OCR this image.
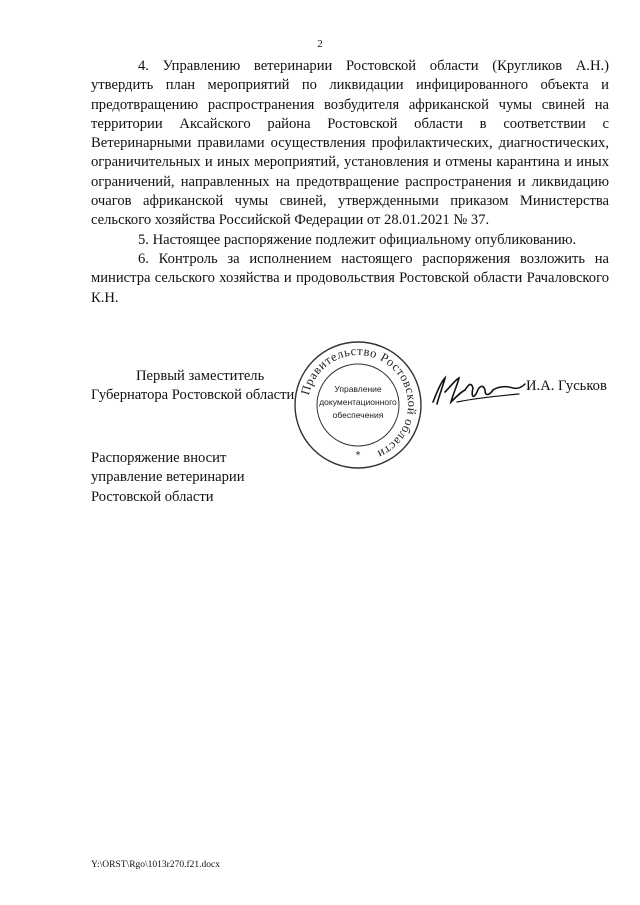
2

4. Управлению ветеринарии Ростовской области (Кругликов А.Н.) утвердить план мероприятий по ликвидации инфицированного объекта и предотвращению распространения возбудителя африканской чумы свиней на территории Аксайского района Ростовской области в соответствии с Ветеринарными правилами осуществления профилактических, диагностических, ограничительных и иных мероприятий, установления и отмены карантина и иных ограничений, направленных на предотвращение распространения и ликвидацию очагов африканской чумы свиней, утвержденными приказом Министерства сельского хозяйства Российской Федерации от 28.01.2021 № 37.

5. Настоящее распоряжение подлежит официальному опубликованию.

6. Контроль за исполнением настоящего распоряжения возложить на министра сельского хозяйства и продовольствия Ростовской области Рачаловского К.Н.

Первый заместитель
Губернатора Ростовской области Правительство Ростовской области
Управление
документационного
обеспечения
*
И.А. Гуськов
Распоряжение вносит
управление ветеринарии
Ростовской области
Y:\ORST\Rgo\1013r270.f21.docx
